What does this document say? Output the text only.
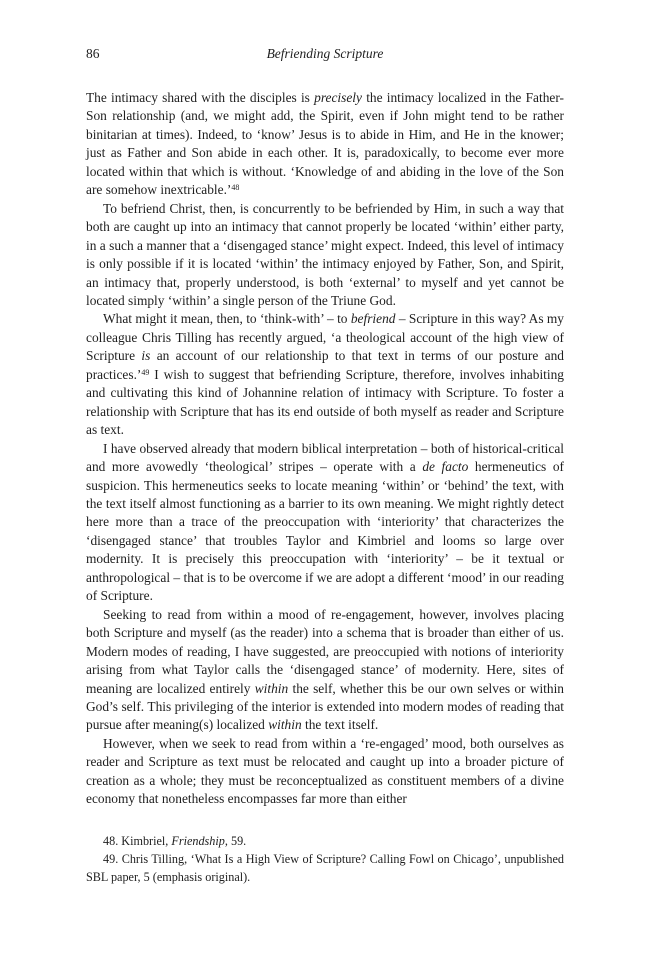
86	Befriending Scripture

The intimacy shared with the disciples is precisely the intimacy localized in the Father-Son relationship (and, we might add, the Spirit, even if John might tend to be rather binitarian at times). Indeed, to ‘know’ Jesus is to abide in Him, and He in the knower; just as Father and Son abide in each other. It is, paradoxically, to become ever more located within that which is without. ‘Knowledge of and abiding in the love of the Son are somehow inextricable.’$^{48}$

To befriend Christ, then, is concurrently to be befriended by Him, in such a way that both are caught up into an intimacy that cannot properly be located ‘within’ either party, in a such a manner that a ‘disengaged stance’ might expect. Indeed, this level of intimacy is only possible if it is located ‘within’ the intimacy enjoyed by Father, Son, and Spirit, an intimacy that, properly understood, is both ‘external’ to myself and yet cannot be located simply ‘within’ a single person of the Triune God.

What might it mean, then, to ‘think-with’ – to befriend – Scripture in this way? As my colleague Chris Tilling has recently argued, ‘a theological account of the high view of Scripture is an account of our relationship to that text in terms of our posture and practices.’$^{49}$ I wish to suggest that befriending Scripture, therefore, involves inhabiting and cultivating this kind of Johannine relation of intimacy with Scripture. To foster a relationship with Scripture that has its end outside of both myself as reader and Scripture as text.

I have observed already that modern biblical interpretation – both of historical-critical and more avowedly ‘theological’ stripes – operate with a de facto hermeneutics of suspicion. This hermeneutics seeks to locate meaning ‘within’ or ‘behind’ the text, with the text itself almost functioning as a barrier to its own meaning. We might rightly detect here more than a trace of the preoccupation with ‘interiority’ that characterizes the ‘disengaged stance’ that troubles Taylor and Kimbriel and looms so large over modernity. It is precisely this preoccupation with ‘interiority’ – be it textual or anthropological – that is to be overcome if we are adopt a different ‘mood’ in our reading of Scripture.

Seeking to read from within a mood of re-engagement, however, involves placing both Scripture and myself (as the reader) into a schema that is broader than either of us. Modern modes of reading, I have suggested, are preoccupied with notions of interiority arising from what Taylor calls the ‘disengaged stance’ of modernity. Here, sites of meaning are localized entirely within the self, whether this be our own selves or within God’s self. This privileging of the interior is extended into modern modes of reading that pursue after meaning(s) localized within the text itself.

However, when we seek to read from within a ‘re-engaged’ mood, both ourselves as reader and Scripture as text must be relocated and caught up into a broader picture of creation as a whole; they must be reconceptualized as constituent members of a divine economy that nonetheless encompasses far more than either

48. Kimbriel, Friendship, 59.

49. Chris Tilling, ‘What Is a High View of Scripture? Calling Fowl on Chicago’, unpublished SBL paper, 5 (emphasis original).
